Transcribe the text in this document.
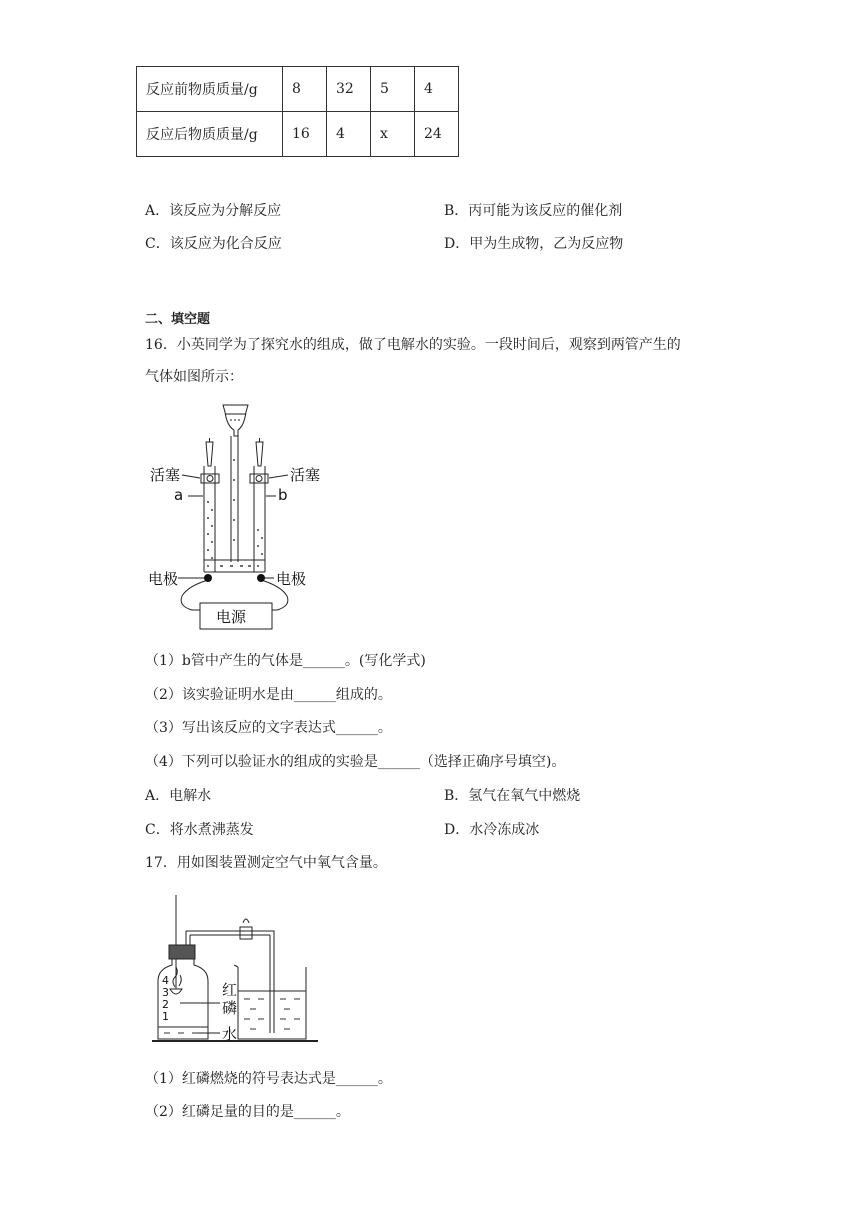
反应前物质质量/g	8	32	5	4
反应后物质质量/g	16	4	x	24
A．该反应为分解反应	B．丙可能为该反应的催化剂
C．该反应为化合反应	D．甲为生成物，乙为反应物
二、填空题
16．小英同学为了探究水的组成，做了电解水的实验。一段时间后，观察到两管产生的
气体如图所示：
活塞	活塞
a	b
电极	电极
电源
（1）b管中产生的气体是______。(写化学式)
（2）该实验证明水是由______组成的。
（3）写出该反应的文字表达式______。
（4）下列可以验证水的组成的实验是______（选择正确序号填空)。
A．电解水	B．氢气在氧气中燃烧
C．将水煮沸蒸发	D．水冷冻成冰
17．用如图装置测定空气中氧气含量。
4
3
2
1
红
磷
水
（1）红磷燃烧的符号表达式是______。
（2）红磷足量的目的是______。
